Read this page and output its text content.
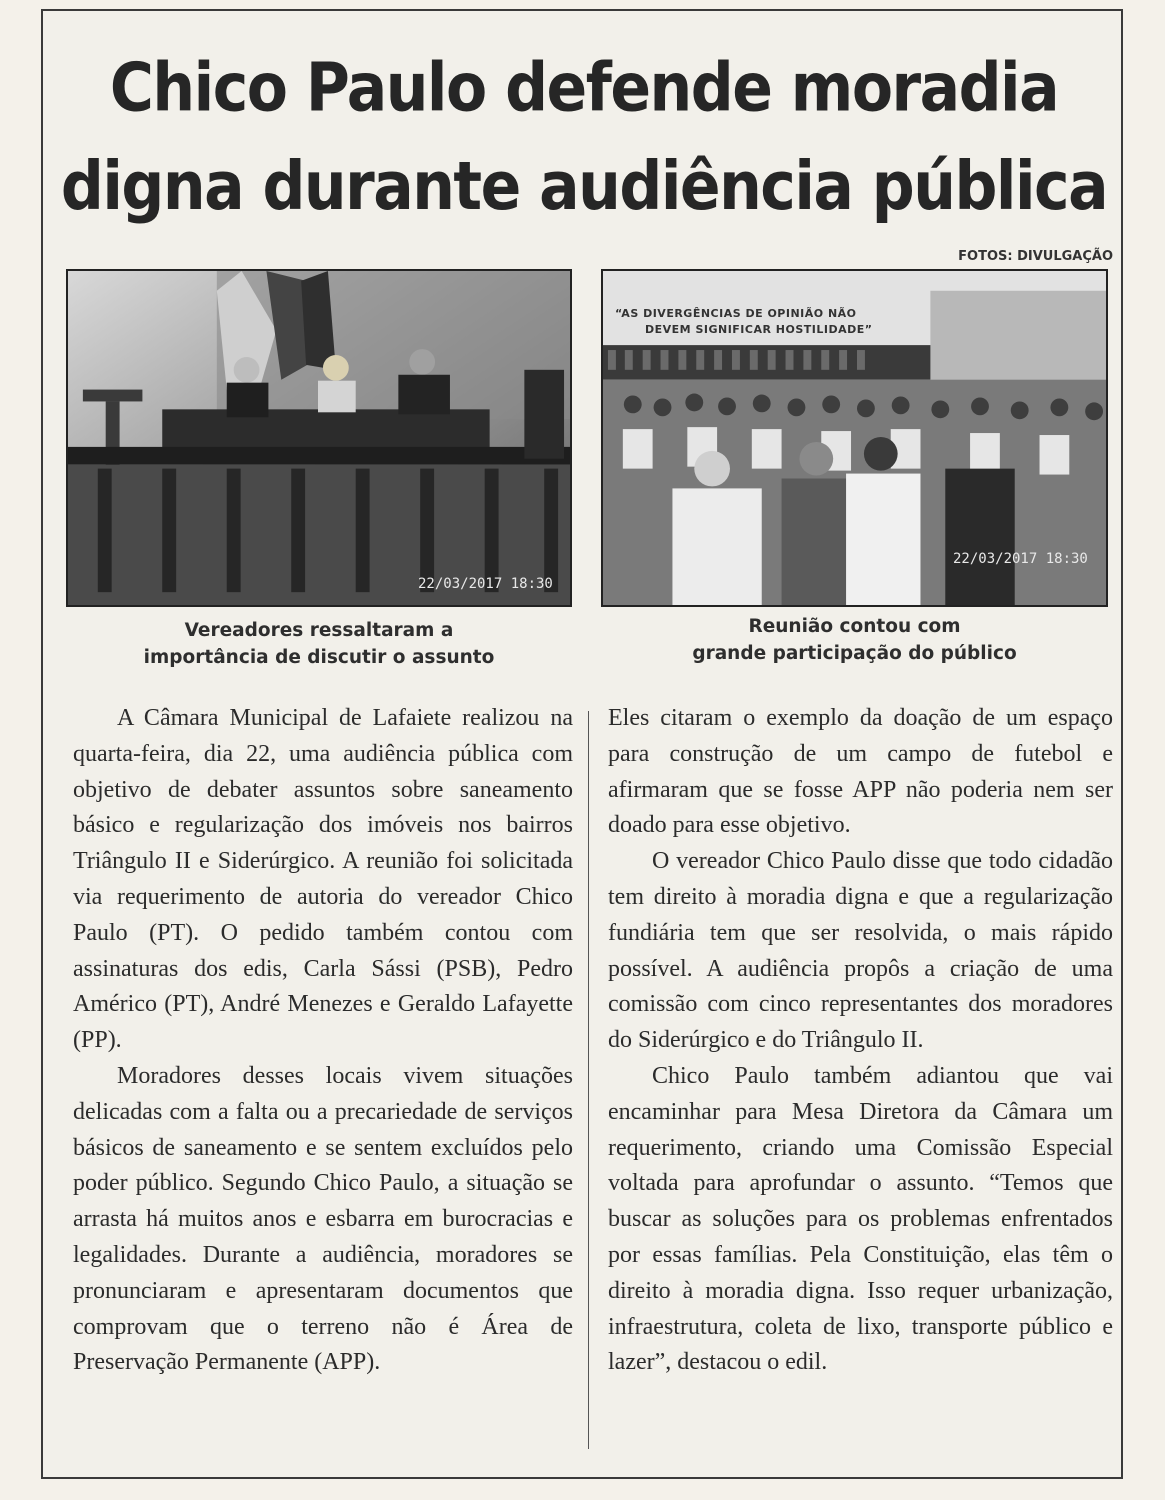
Chico Paulo defende moradia
digna durante audiência pública
FOTOS: DIVULGAÇÃO
22/03/2017 18:30
“AS DIVERGÊNCIAS DE OPINIÃO NÃO
DEVEM SIGNIFICAR HOSTILIDADE”
22/03/2017 18:30
Vereadores ressaltaram a
importância de discutir o assunto
Reunião contou com
grande participação do público

A Câmara Municipal de Lafaiete realizou na quarta-feira, dia 22, uma audiência pública com objetivo de debater assuntos sobre saneamento básico e regularização dos imóveis nos bairros Triângulo II e Siderúrgico. A reunião foi solicitada via requerimento de autoria do vereador Chico Paulo (PT). O pedido também contou com assinaturas dos edis, Carla Sássi (PSB), Pedro Américo (PT), André Menezes e Geraldo Lafayette (PP).

Moradores desses locais vivem situações delicadas com a falta ou a precariedade de serviços básicos de saneamento e se sentem excluídos pelo poder público. Segundo Chico Paulo, a situação se arrasta há muitos anos e esbarra em burocracias e legalidades. Durante a audiência, moradores se pronunciaram e apresentaram documentos que comprovam que o terreno não é Área de Preservação Permanente (APP).

Eles citaram o exemplo da doação de um espaço para construção de um campo de futebol e afirmaram que se fosse APP não poderia nem ser doado para esse objetivo.

O vereador Chico Paulo disse que todo cidadão tem direito à moradia digna e que a regularização fundiária tem que ser resolvida, o mais rápido possível. A audiência propôs a criação de uma comissão com cinco representantes dos moradores do Siderúrgico e do Triângulo II.

Chico Paulo também adiantou que vai encaminhar para Mesa Diretora da Câmara um requerimento, criando uma Comissão Especial voltada para aprofundar o assunto. “Temos que buscar as soluções para os problemas enfrentados por essas famílias. Pela Constituição, elas têm o direito à moradia digna. Isso requer urbanização, infraestrutura, coleta de lixo, transporte público e lazer”, destacou o edil.
